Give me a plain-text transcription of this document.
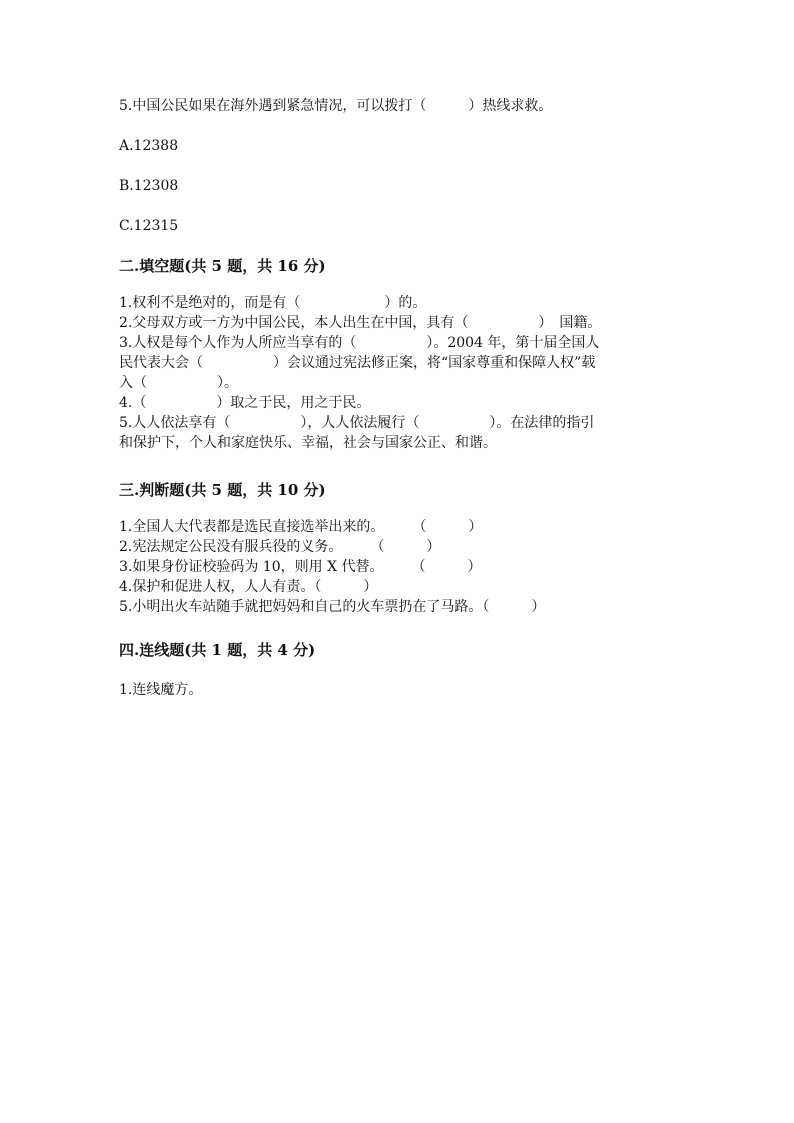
5.中国公民如果在海外遇到紧急情况，可以拨打（　　　）热线求救。
A.12388
B.12308
C.12315
二.填空题(共 5 题，共 16 分)
1.权利不是绝对的，而是有（　　　　　　）的。
2.父母双方或一方为中国公民，本人出生在中国，具有（　　　　　）　国籍。
3.人权是每个人作为人所应当享有的（　　　　　）。2004 年，第十届全国人
民代表大会（　　　　　）会议通过宪法修正案，将“国家尊重和保障人权”载
入（　　　　　）。
4.（　　　　　）取之于民，用之于民。
5.人人依法享有（　　　　　），人人依法履行（　　　　　）。在法律的指引
和保护下，个人和家庭快乐、幸福，社会与国家公正、和谐。
三.判断题(共 5 题，共 10 分)
1.全国人大代表都是选民直接选举出来的。　　　（　　　）
2.宪法规定公民没有服兵役的义务。　　　（　　　）
3.如果身份证校验码为 10，则用 X 代替。　　　（　　　）
4.保护和促进人权，人人有责。（　　　）
5.小明出火车站随手就把妈妈和自己的火车票扔在了马路。（　　　）
四.连线题(共 1 题，共 4 分)
1.连线魔方。
